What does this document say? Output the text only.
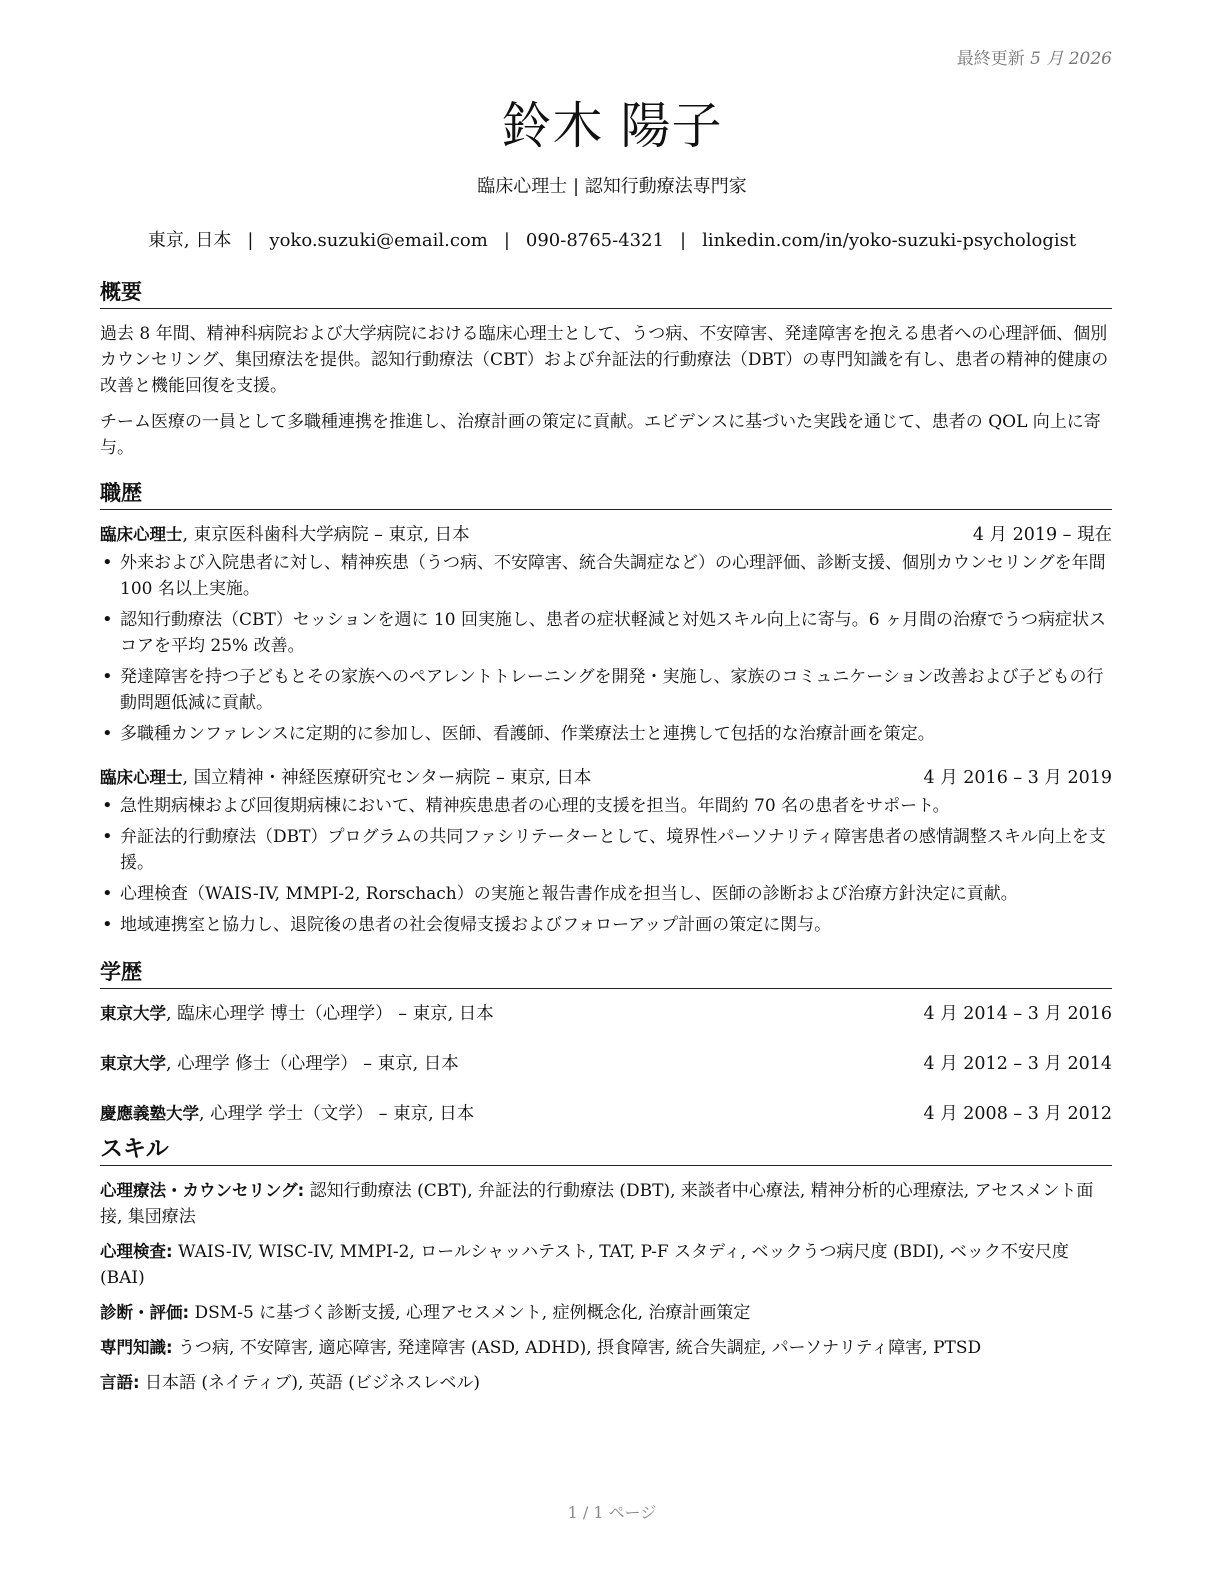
最終更新 5 月 2026
鈴木 陽子
臨床心理士 | 認知行動療法専門家
東京, 日本 | yoko.suzuki@email.com | 090-8765-4321 | linkedin.com/in/yoko-suzuki-psychologist
概要

過去 8 年間、精神科病院および大学病院における臨床心理士として、うつ病、不安障害、発達障害を抱える患者への心理評価、個別カウンセリング、集団療法を提供。認知行動療法（CBT）および弁証法的行動療法（DBT）の専門知識を有し、患者の精神的健康の改善と機能回復を支援。

チーム医療の一員として多職種連携を推進し、治療計画の策定に貢献。エビデンスに基づいた実践を通じて、患者の QOL 向上に寄与。

職歴
臨床心理士, 東京医科歯科大学病院 – 東京, 日本	4 月 2019 – 現在
• 外来および入院患者に対し、精神疾患（うつ病、不安障害、統合失調症など）の心理評価、診断支援、個別カウンセリングを年間 100 名以上実施。
• 認知行動療法（CBT）セッションを週に 10 回実施し、患者の症状軽減と対処スキル向上に寄与。6 ヶ月間の治療でうつ病症状スコアを平均 25% 改善。
• 発達障害を持つ子どもとその家族へのペアレントトレーニングを開発・実施し、家族のコミュニケーション改善および子どもの行動問題低減に貢献。
• 多職種カンファレンスに定期的に参加し、医師、看護師、作業療法士と連携して包括的な治療計画を策定。
臨床心理士, 国立精神・神経医療研究センター病院 – 東京, 日本	4 月 2016 – 3 月 2019
• 急性期病棟および回復期病棟において、精神疾患患者の心理的支援を担当。年間約 70 名の患者をサポート。
• 弁証法的行動療法（DBT）プログラムの共同ファシリテーターとして、境界性パーソナリティ障害患者の感情調整スキル向上を支援。
• 心理検査（WAIS-IV, MMPI-2, Rorschach）の実施と報告書作成を担当し、医師の診断および治療方針決定に貢献。
• 地域連携室と協力し、退院後の患者の社会復帰支援およびフォローアップ計画の策定に関与。
学歴
東京大学, 臨床心理学 博士（心理学） – 東京, 日本	4 月 2014 – 3 月 2016
東京大学, 心理学 修士（心理学） – 東京, 日本	4 月 2012 – 3 月 2014
慶應義塾大学, 心理学 学士（文学） – 東京, 日本	4 月 2008 – 3 月 2012
スキル
心理療法・カウンセリング: 認知行動療法 (CBT), 弁証法的行動療法 (DBT), 来談者中心療法, 精神分析的心理療法, アセスメント面接, 集団療法
心理検査: WAIS-IV, WISC-IV, MMPI-2, ロールシャッハテスト, TAT, P-F スタディ, ベックうつ病尺度 (BDI), ベック不安尺度 (BAI)
診断・評価: DSM-5 に基づく診断支援, 心理アセスメント, 症例概念化, 治療計画策定
専門知識: うつ病, 不安障害, 適応障害, 発達障害 (ASD, ADHD), 摂食障害, 統合失調症, パーソナリティ障害, PTSD
言語: 日本語 (ネイティブ), 英語 (ビジネスレベル)
1 / 1 ページ
